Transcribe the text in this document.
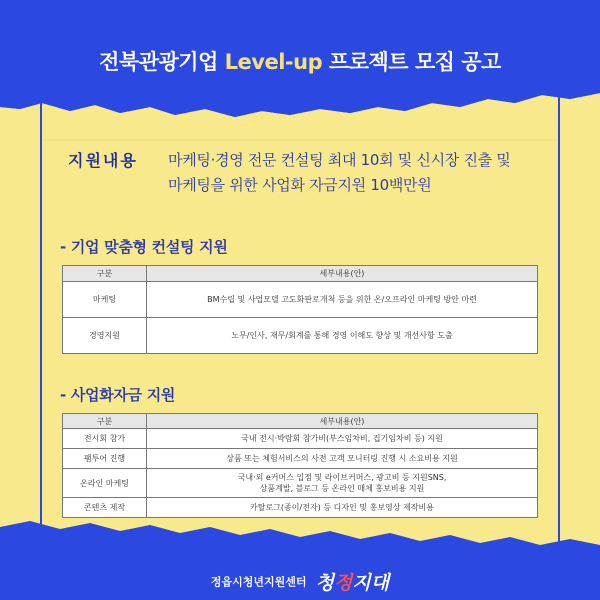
전북관광기업 Level-up 프로젝트 모집 공고
지원내용 마케팅·경영 전문 컨설팅 최대 10회 및 신시장 진출 및
마케팅을 위한 사업화 자금지원 10백만원
- 기업 맞춤형 컨설팅 지원
구분	세부내용(안)
마케팅	BM수립 및 사업모델 고도화판로개척 등을 위한 온/오프라인 마케팅 방안 마련
경영지원	노무/인사, 재무/회계를 통해 경영 이해도 향상 및 개선사항 도출
- 사업화자금 지원
구분	세부내용(안)
전시회 참가	국내 전시·박람회 참가비(부스임차비, 집기임차비 등) 지원
팸투어 진행	상품 또는 체험서비스의 사전 고객 모니터링 진행 시 소요비용 지원
온라인 마케팅	국내·외 e커머스 입점 및 라이브커머스, 광고비 등 지원SNS,
상품계발, 블로그 등 온라인 매체 홍보비용 지원

콘텐츠 제작	카탈로그(종이/전자) 등 디자인 및 홍보영상 제작비용
정읍시청년지원센터 청정지대
